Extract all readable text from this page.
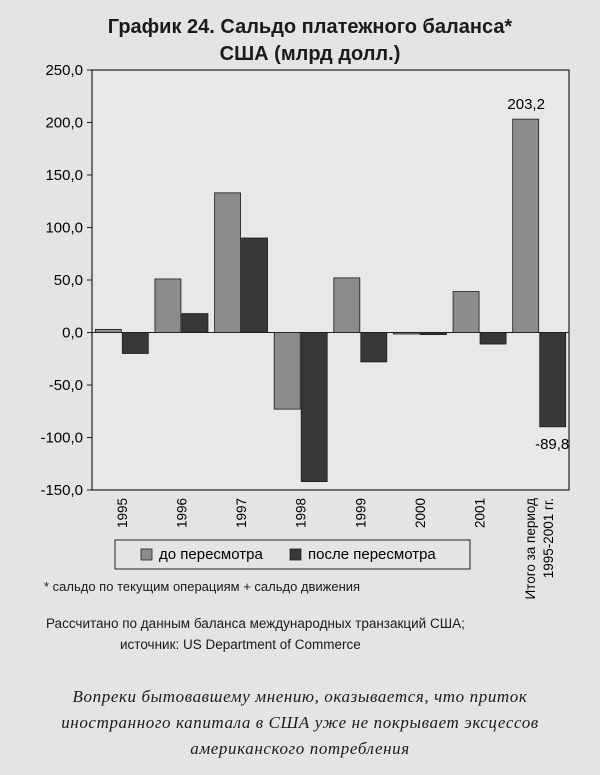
График 24. Сальдо платежного баланса*
США (млрд долл.)
250,0
200,0
150,0
100,0
50,0
0,0
-50,0
-100,0
-150,0
1995	1996	1997	1998	1999	2000	2001	Итого за период 1995-2001 гг.
203,2
-89,8
до пересмотра	после пересмотра
* сальдо по текущим операциям + сальдо движения
Рассчитано по данным баланса международных транзакций США;
источник: US Department of Commerce
Вопреки бытовавшему мнению, оказывается, что приток
иностранного капитала в США уже не покрывает эксцессов
американского потребления
